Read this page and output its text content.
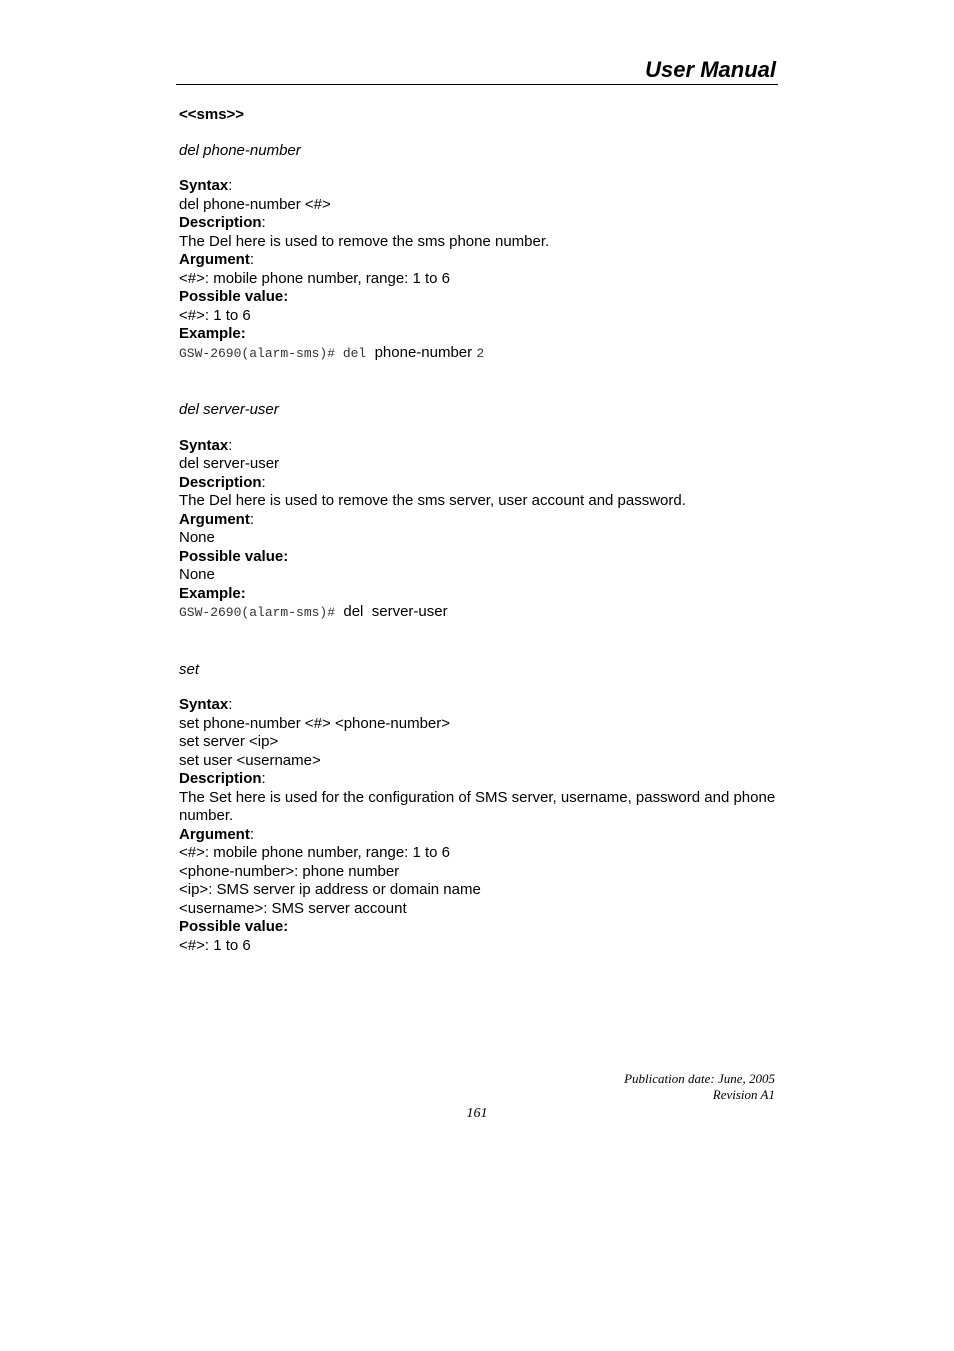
User Manual

<<sms>>

del phone-number

Syntax:

del phone-number <#>

Description:

The Del here is used to remove the sms phone number.

Argument:

<#>: mobile phone number, range: 1 to 6

Possible value:

<#>: 1 to 6

Example:

GSW-2690(alarm-sms)# del phone-number 2

del server-user

Syntax:

del server-user

Description:

The Del here is used to remove the sms server, user account and password.

Argument:

None

Possible value:

None

Example:

GSW-2690(alarm-sms)# del  server-user

set

Syntax:

set phone-number <#> <phone-number>

set server <ip>

set user <username>

Description:

The Set here is used for the configuration of SMS server, username, password and phone number.

Argument:

<#>: mobile phone number, range: 1 to 6

<phone-number>: phone number

<ip>: SMS server ip address or domain name

<username>: SMS server account

Possible value:

<#>: 1 to 6

Publication date: June, 2005
Revision A1
161
